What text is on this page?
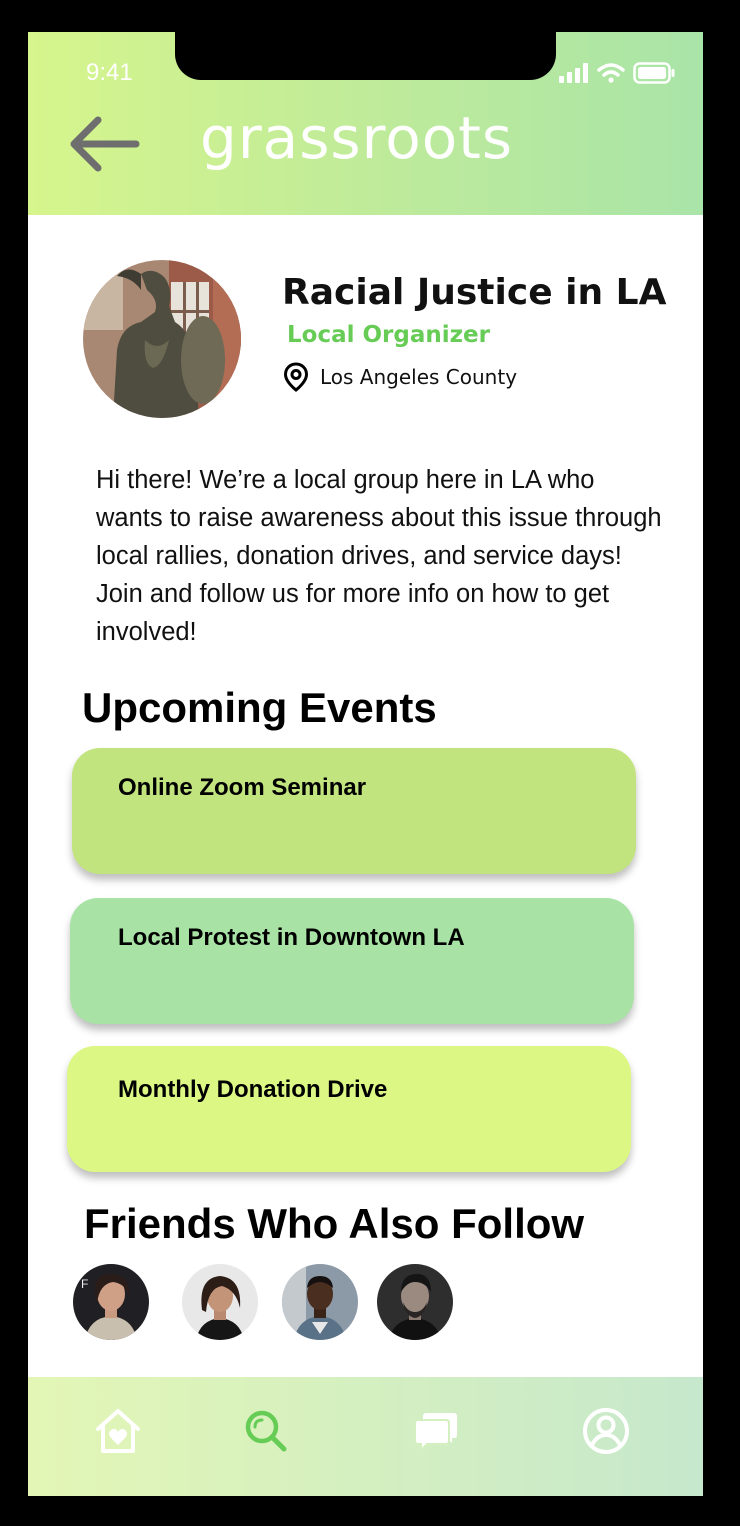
9:41
grassroots
Racial Justice in LA
Local Organizer
Los Angeles County
Hi there! We’re a local group here in LA who wants to raise awareness about this issue through local rallies, donation drives, and service days! Join and follow us for more info on how to get involved!
Upcoming Events
Online Zoom Seminar
Local Protest in Downtown LA
Monthly Donation Drive
Friends Who Also Follow
F
